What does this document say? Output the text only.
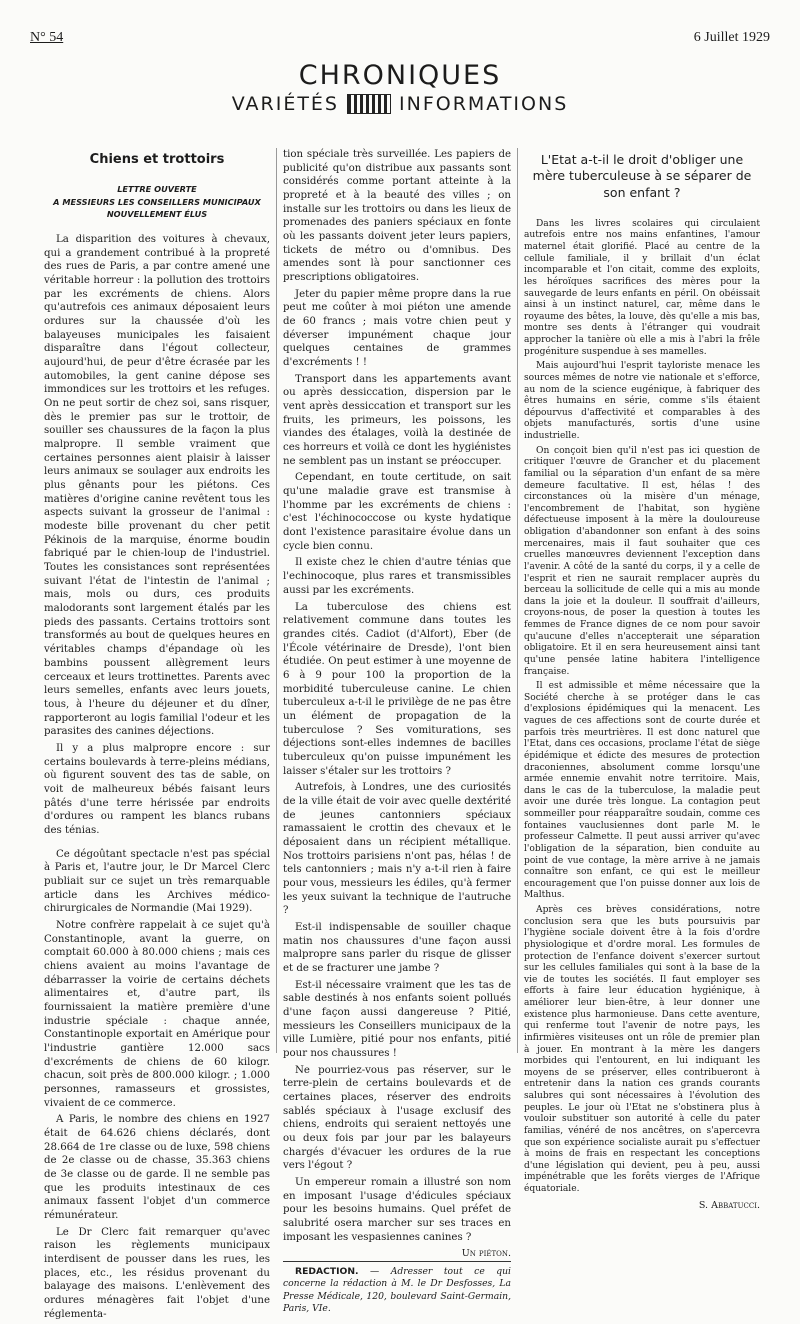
N° 54	6 Juillet 1929
CHRONIQUES
VARIÉTÉS	INFORMATIONS
Chiens et trottoirs
LETTRE OUVERTE
A MESSIEURS LES CONSEILLERS MUNICIPAUX
NOUVELLEMENT ÉLUS

La disparition des voitures à chevaux, qui a grandement contribué à la propreté des rues de Paris, a par contre amené une véritable horreur : la pollution des trottoirs par les excréments de chiens. Alors qu'autrefois ces animaux déposaient leurs ordures sur la chaussée d'où les balayeuses municipales les faisaient disparaître dans l'égout collecteur, aujourd'hui, de peur d'être écrasée par les automobiles, la gent canine dépose ses immondices sur les trottoirs et les refuges. On ne peut sortir de chez soi, sans risquer, dès le premier pas sur le trottoir, de souiller ses chaussures de la façon la plus malpropre. Il semble vraiment que certaines personnes aient plaisir à laisser leurs animaux se soulager aux endroits les plus gênants pour les piétons. Ces matières d'origine canine revêtent tous les aspects suivant la grosseur de l'animal : modeste bille provenant du cher petit Pékinois de la marquise, énorme boudin fabriqué par le chien-loup de l'industriel. Toutes les consistances sont représentées suivant l'état de l'intestin de l'animal ; mais, mols ou durs, ces produits malodorants sont largement étalés par les pieds des passants. Certains trottoirs sont transformés au bout de quelques heures en véritables champs d'épandage où les bambins poussent allègrement leurs cerceaux et leurs trottinettes. Parents avec leurs semelles, enfants avec leurs jouets, tous, à l'heure du déjeuner et du dîner, rapporteront au logis familial l'odeur et les parasites des canines déjections.

Il y a plus malpropre encore : sur certains boulevards à terre-pleins médians, où figurent souvent des tas de sable, on voit de malheureux bébés faisant leurs pâtés d'une terre hérissée par endroits d'ordures ou rampent les blancs rubans des ténias.

Ce dégoûtant spectacle n'est pas spécial à Paris et, l'autre jour, le Dr Marcel Clerc publiait sur ce sujet un très remarquable article dans les Archives médico-chirurgicales de Normandie (Mai 1929).

Notre confrère rappelait à ce sujet qu'à Constantinople, avant la guerre, on comptait 60.000 à 80.000 chiens ; mais ces chiens avaient au moins l'avantage de débarrasser la voirie de certains déchets alimentaires et, d'autre part, ils fournissaient la matière première d'une industrie spéciale : chaque année, Constantinople exportait en Amérique pour l'industrie gantière 12.000 sacs d'excréments de chiens de 60 kilogr. chacun, soit près de 800.000 kilogr. ; 1.000 personnes, ramasseurs et grossistes, vivaient de ce commerce.

A Paris, le nombre des chiens en 1927 était de 64.626 chiens déclarés, dont 28.664 de 1re classe ou de luxe, 598 chiens de 2e classe ou de chasse, 35.363 chiens de 3e classe ou de garde. Il ne semble pas que les produits intestinaux de ces animaux fassent l'objet d'un commerce rémunérateur.

Le Dr Clerc fait remarquer qu'avec raison les règlements municipaux interdisent de pousser dans les rues, les places, etc., les résidus provenant du balayage des maisons. L'enlèvement des ordures ménagères fait l'objet d'une réglementa-

tion spéciale très surveillée. Les papiers de publicité qu'on distribue aux passants sont considérés comme portant atteinte à la propreté et à la beauté des villes ; on installe sur les trottoirs ou dans les lieux de promenades des paniers spéciaux en fonte où les passants doivent jeter leurs papiers, tickets de métro ou d'omnibus. Des amendes sont là pour sanctionner ces prescriptions obligatoires.

Jeter du papier même propre dans la rue peut me coûter à moi piéton une amende de 60 francs ; mais votre chien peut y déverser impunément chaque jour quelques centaines de grammes d'excréments ! !

Transport dans les appartements avant ou après dessiccation, dispersion par le vent après dessiccation et transport sur les fruits, les primeurs, les poissons, les viandes des étalages, voilà la destinée de ces horreurs et voilà ce dont les hygiénistes ne semblent pas un instant se préoccuper.

Cependant, en toute certitude, on sait qu'une maladie grave est transmise à l'homme par les excréments de chiens : c'est l'échinococcose ou kyste hydatique dont l'existence parasitaire évolue dans un cycle bien connu.

Il existe chez le chien d'autre ténias que l'echinocoque, plus rares et transmissibles aussi par les excréments.

La tuberculose des chiens est relativement commune dans toutes les grandes cités. Cadiot (d'Alfort), Eber (de l'École vétérinaire de Dresde), l'ont bien étudiée. On peut estimer à une moyenne de 6 à 9 pour 100 la proportion de la morbidité tuberculeuse canine. Le chien tuberculeux a-t-il le privilège de ne pas être un élément de propagation de la tuberculose ? Ses vomiturations, ses déjections sont-elles indemnes de bacilles tuberculeux qu'on puisse impunément les laisser s'étaler sur les trottoirs ?

Autrefois, à Londres, une des curiosités de la ville était de voir avec quelle dextérité de jeunes cantonniers spéciaux ramassaient le crottin des chevaux et le déposaient dans un récipient métallique. Nos trottoirs parisiens n'ont pas, hélas ! de tels cantonniers ; mais n'y a-t-il rien à faire pour vous, messieurs les édiles, qu'à fermer les yeux suivant la technique de l'autruche ?

Est-il indispensable de souiller chaque matin nos chaussures d'une façon aussi malpropre sans parler du risque de glisser et de se fracturer une jambe ?

Est-il nécessaire vraiment que les tas de sable destinés à nos enfants soient pollués d'une façon aussi dangereuse ? Pitié, messieurs les Conseillers municipaux de la ville Lumière, pitié pour nos enfants, pitié pour nos chaussures !

Ne pourriez-vous pas réserver, sur le terre-plein de certains boulevards et de certaines places, réserver des endroits sablés spéciaux à l'usage exclusif des chiens, endroits qui seraient nettoyés une ou deux fois par jour par les balayeurs chargés d'évacuer les ordures de la rue vers l'égout ?

Un empereur romain a illustré son nom en imposant l'usage d'édicules spéciaux pour les besoins humains. Quel préfet de salubrité osera marcher sur ses traces en imposant les vespasiennes canines ?

Un piéton.

REDACTION. — Adresser tout ce qui concerne la rédaction à M. le Dr Desfosses, La Presse Médicale, 120, boulevard Saint-Germain, Paris, VIe.

L'Etat a-t-il le droit d'obliger une mère tuberculeuse à se séparer de son enfant ?

Dans les livres scolaires qui circulaient autrefois entre nos mains enfantines, l'amour maternel était glorifié. Placé au centre de la cellule familiale, il y brillait d'un éclat incomparable et l'on citait, comme des exploits, les héroïques sacrifices des mères pour la sauvegarde de leurs enfants en péril. On obéissait ainsi à un instinct naturel, car, même dans le royaume des bêtes, la louve, dès qu'elle a mis bas, montre ses dents à l'étranger qui voudrait approcher la tanière où elle a mis à l'abri la frêle progéniture suspendue à ses mamelles.

Mais aujourd'hui l'esprit tayloriste menace les sources mêmes de notre vie nationale et s'efforce, au nom de la science eugénique, à fabriquer des êtres humains en série, comme s'ils étaient dépourvus d'affectivité et comparables à des objets manufacturés, sortis d'une usine industrielle.

On conçoit bien qu'il n'est pas ici question de critiquer l'œuvre de Grancher et du placement familial ou la séparation d'un enfant de sa mère demeure facultative. Il est, hélas ! des circonstances où la misère d'un ménage, l'encombrement de l'habitat, son hygiène défectueuse imposent à la mère la douloureuse obligation d'abandonner son enfant à des soins mercenaires, mais il faut souhaiter que ces cruelles manœuvres deviennent l'exception dans l'avenir. A côté de la santé du corps, il y a celle de l'esprit et rien ne saurait remplacer auprès du berceau la sollicitude de celle qui a mis au monde dans la joie et la douleur. Il souffrait d'ailleurs, croyons-nous, de poser la question à toutes les femmes de France dignes de ce nom pour savoir qu'aucune d'elles n'accepterait une séparation obligatoire. Et il en sera heureusement ainsi tant qu'une pensée latine habitera l'intelligence française.

Il est admissible et même nécessaire que la Société cherche à se protéger dans le cas d'explosions épidémiques qui la menacent. Les vagues de ces affections sont de courte durée et parfois très meurtrières. Il est donc naturel que l'Etat, dans ces occasions, proclame l'état de siège épidémique et édicte des mesures de protection draconiennes, absolument comme lorsqu'une armée ennemie envahit notre territoire. Mais, dans le cas de la tuberculose, la maladie peut avoir une durée très longue. La contagion peut sommeiller pour réapparaître soudain, comme ces fontaines vauclusiennes dont parle M. le professeur Calmette. Il peut aussi arriver qu'avec l'obligation de la séparation, bien conduite au point de vue contage, la mère arrive à ne jamais connaître son enfant, ce qui est le meilleur encouragement que l'on puisse donner aux lois de Malthus.

Après ces brèves considérations, notre conclusion sera que les buts poursuivis par l'hygiène sociale doivent être à la fois d'ordre physiologique et d'ordre moral. Les formules de protection de l'enfance doivent s'exercer surtout sur les cellules familiales qui sont à la base de la vie de toutes les sociétés. Il faut employer ses efforts à faire leur éducation hygiénique, à améliorer leur bien-être, à leur donner une existence plus harmonieuse. Dans cette aventure, qui renferme tout l'avenir de notre pays, les infirmières visiteuses ont un rôle de premier plan à jouer. En montrant à la mère les dangers morbides qui l'entourent, en lui indiquant les moyens de se préserver, elles contribueront à entretenir dans la nation ces grands courants salubres qui sont nécessaires à l'évolution des peuples. Le jour où l'Etat ne s'obstinera plus à vouloir substituer son autorité à celle du pater familias, vénéré de nos ancêtres, on s'apercevra que son expérience socialiste aurait pu s'effectuer à moins de frais en respectant les conceptions d'une législation qui devient, peu à peu, aussi impénétrable que les forêts vierges de l'Afrique équatoriale.

S. Abbatucci.
